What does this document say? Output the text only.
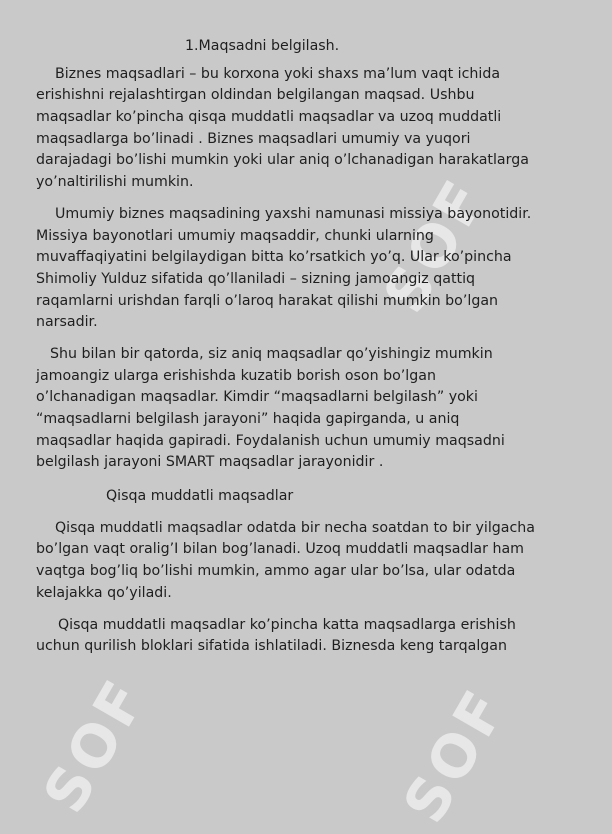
SOF	SOF
SOF
1.Maqsadni belgilash.
Biznes maqsadlari – bu korxona yoki shaxs ma’lum vaqt ichida
erishishni rejalashtirgan oldindan belgilangan maqsad. Ushbu
maqsadlar ko’pincha qisqa muddatli maqsadlar va uzoq muddatli
maqsadlarga bo’linadi . Biznes maqsadlari umumiy va yuqori
darajadagi bo’lishi mumkin yoki ular aniq o’lchanadigan harakatlarga
yo’naltirilishi mumkin.
Umumiy biznes maqsadining yaxshi namunasi missiya bayonotidir.
Missiya bayonotlari umumiy maqsaddir, chunki ularning
muvaffaqiyatini belgilaydigan bitta ko’rsatkich yo’q. Ular ko’pincha
Shimoliy Yulduz sifatida qo’llaniladi – sizning jamoangiz qattiq
raqamlarni urishdan farqli o’laroq harakat qilishi mumkin bo’lgan
narsadir.
Shu bilan bir qatorda, siz aniq maqsadlar qo’yishingiz mumkin
jamoangiz ularga erishishda kuzatib borish oson bo’lgan
o’lchanadigan maqsadlar. Kimdir “maqsadlarni belgilash” yoki
“maqsadlarni belgilash jarayoni” haqida gapirganda, u aniq
maqsadlar haqida gapiradi. Foydalanish uchun umumiy maqsadni
belgilash jarayoni SMART maqsadlar jarayonidir .
Qisqa muddatli maqsadlar
Qisqa muddatli maqsadlar odatda bir necha soatdan to bir yilgacha
bo’lgan vaqt oralig’I bilan bog’lanadi. Uzoq muddatli maqsadlar ham
vaqtga bog’liq bo’lishi mumkin, ammo agar ular bo’lsa, ular odatda
kelajakka qo’yiladi.
Qisqa muddatli maqsadlar ko’pincha katta maqsadlarga erishish
uchun qurilish bloklari sifatida ishlatiladi. Biznesda keng tarqalgan
